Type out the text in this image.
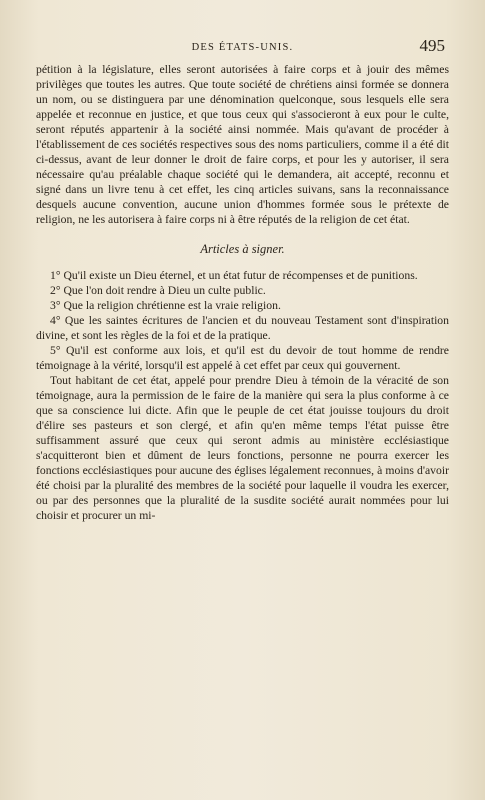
DES ÉTATS-UNIS.	495

pétition à la législature, elles seront autorisées à faire corps et à jouir des mêmes privilèges que toutes les autres. Que toute société de chrétiens ainsi formée se donnera un nom, ou se distinguera par une dénomination quelconque, sous lesquels elle sera appelée et reconnue en justice, et que tous ceux qui s'associeront à eux pour le culte, seront réputés appartenir à la société ainsi nommée. Mais qu'avant de procéder à l'établissement de ces sociétés respectives sous des noms particuliers, comme il a été dit ci-dessus, avant de leur donner le droit de faire corps, et pour les y autoriser, il sera nécessaire qu'au préalable chaque société qui le demandera, ait accepté, reconnu et signé dans un livre tenu à cet effet, les cinq articles suivans, sans la reconnaissance desquels aucune convention, aucune union d'hommes formée sous le prétexte de religion, ne les autorisera à faire corps ni à être réputés de la religion de cet état.

Articles à signer.

1° Qu'il existe un Dieu éternel, et un état futur de récompenses et de punitions.

2° Que l'on doit rendre à Dieu un culte public.

3° Que la religion chrétienne est la vraie religion.

4° Que les saintes écritures de l'ancien et du nouveau Testament sont d'inspiration divine, et sont les règles de la foi et de la pratique.

5° Qu'il est conforme aux lois, et qu'il est du devoir de tout homme de rendre témoignage à la vérité, lorsqu'il est appelé à cet effet par ceux qui gouvernent.

Tout habitant de cet état, appelé pour prendre Dieu à témoin de la véracité de son témoignage, aura la permission de le faire de la manière qui sera la plus conforme à ce que sa conscience lui dicte. Afin que le peuple de cet état jouisse toujours du droit d'élire ses pasteurs et son clergé, et afin qu'en même temps l'état puisse être suffisamment assuré que ceux qui seront admis au ministère ecclésiastique s'acquitteront bien et dûment de leurs fonctions, personne ne pourra exercer les fonctions ecclésiastiques pour aucune des églises légalement reconnues, à moins d'avoir été choisi par la pluralité des membres de la société pour laquelle il voudra les exercer, ou par des personnes que la pluralité de la susdite société aurait nommées pour lui choisir et procurer un mi-
